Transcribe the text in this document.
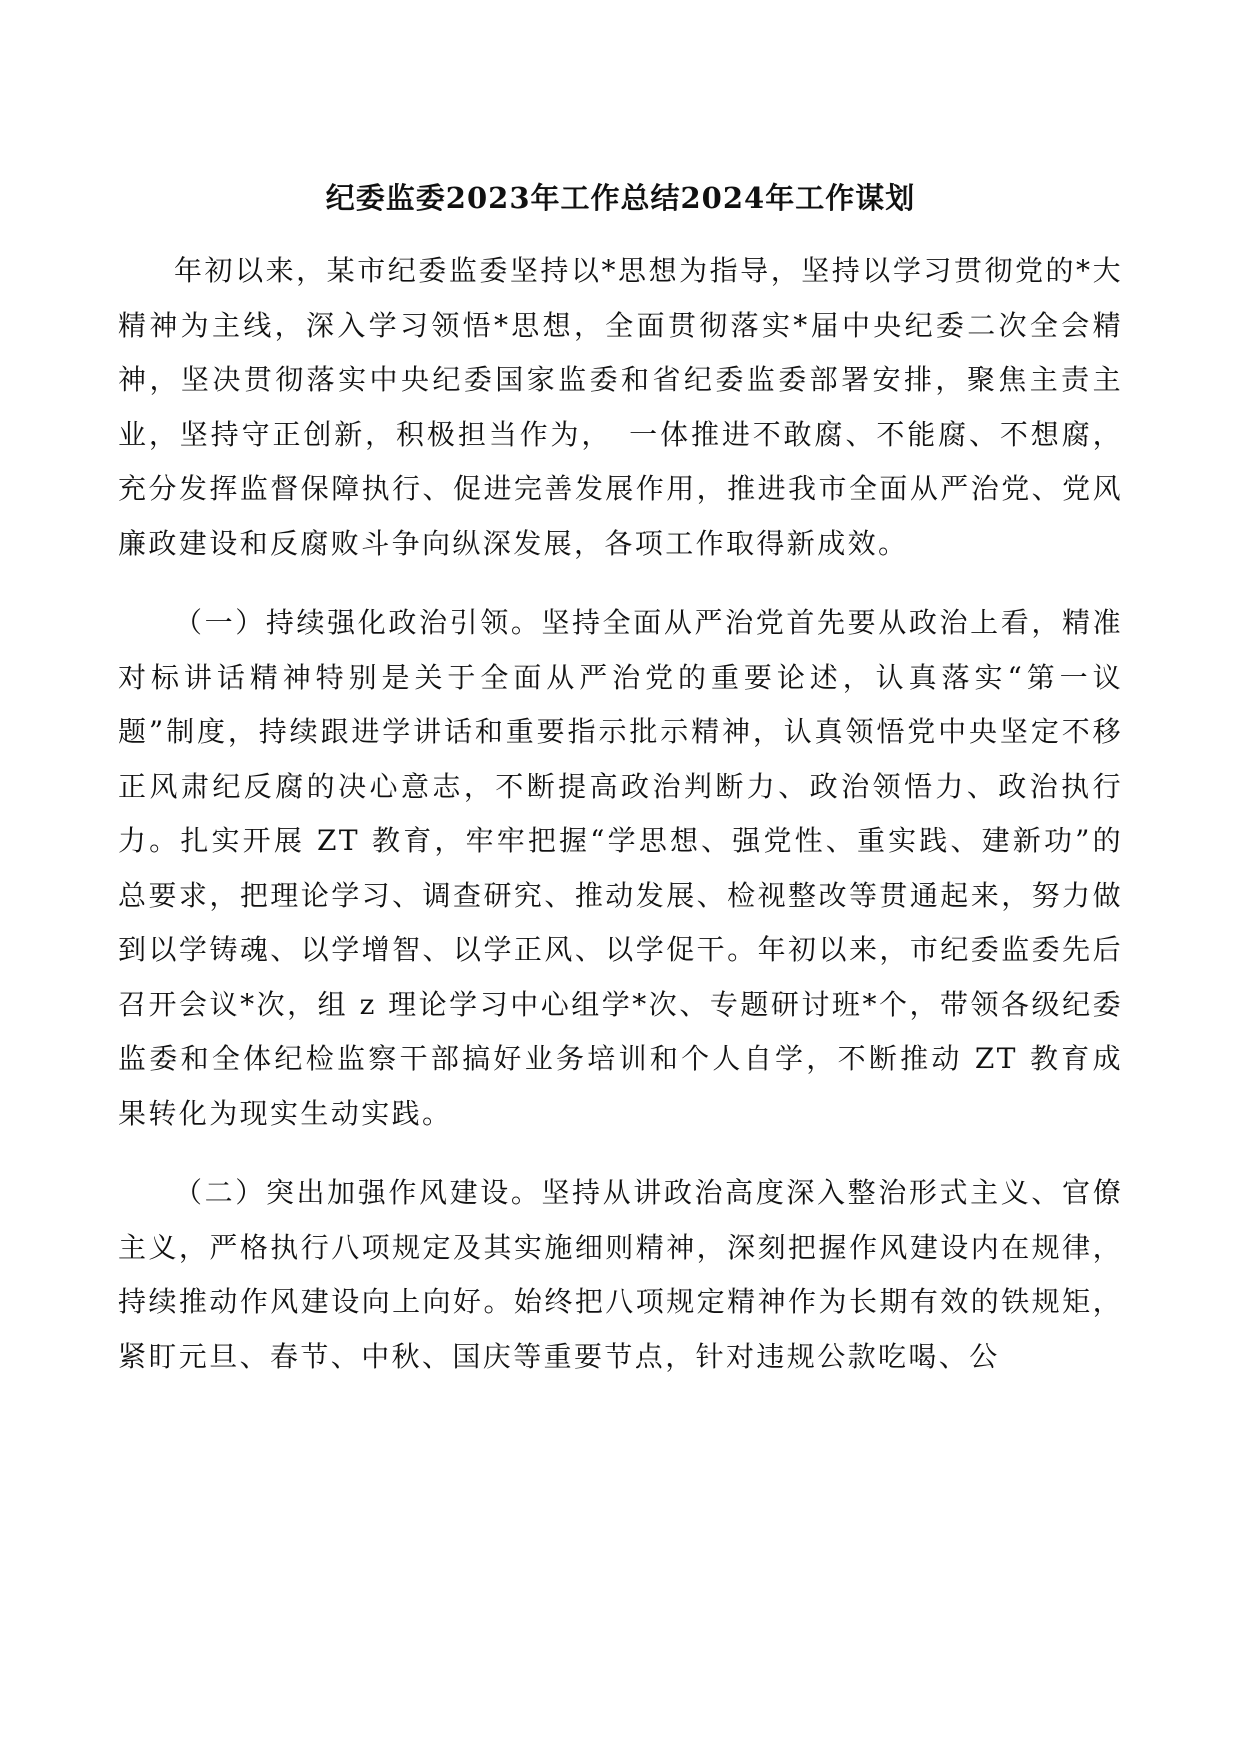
纪委监委2023年工作总结2024年工作谋划

年初以来，某市纪委监委坚持以*思想为指导，坚持以学习贯彻党的*大精神为主线，深入学习领悟*思想，全面贯彻落实*届中央纪委二次全会精神，坚决贯彻落实中央纪委国家监委和省纪委监委部署安排，聚焦主责主业，坚持守正创新，积极担当作为，　一体推进不敢腐、不能腐、不想腐，充分发挥监督保障执行、促进完善发展作用，推进我市全面从严治党、党风廉政建设和反腐败斗争向纵深发展，各项工作取得新成效。

（一）持续强化政治引领。坚持全面从严治党首先要从政治上看，精准对标讲话精神特别是关于全面从严治党的重要论述，认真落实“第一议题”制度，持续跟进学讲话和重要指示批示精神，认真领悟党中央坚定不移正风肃纪反腐的决心意志，不断提高政治判断力、政治领悟力、政治执行力。扎实开展 ZT 教育，牢牢把握“学思想、强党性、重实践、建新功”的总要求，把理论学习、调查研究、推动发展、检视整改等贯通起来，努力做到以学铸魂、以学增智、以学正风、以学促干。年初以来，市纪委监委先后召开会议*次，组 z 理论学习中心组学*次、专题研讨班*个，带领各级纪委监委和全体纪检监察干部搞好业务培训和个人自学，不断推动 ZT 教育成果转化为现实生动实践。

（二）突出加强作风建设。坚持从讲政治高度深入整治形式主义、官僚主义，严格执行八项规定及其实施细则精神，深刻把握作风建设内在规律，持续推动作风建设向上向好。始终把八项规定精神作为长期有效的铁规矩，紧盯元旦、春节、中秋、国庆等重要节点，针对违规公款吃喝、公
